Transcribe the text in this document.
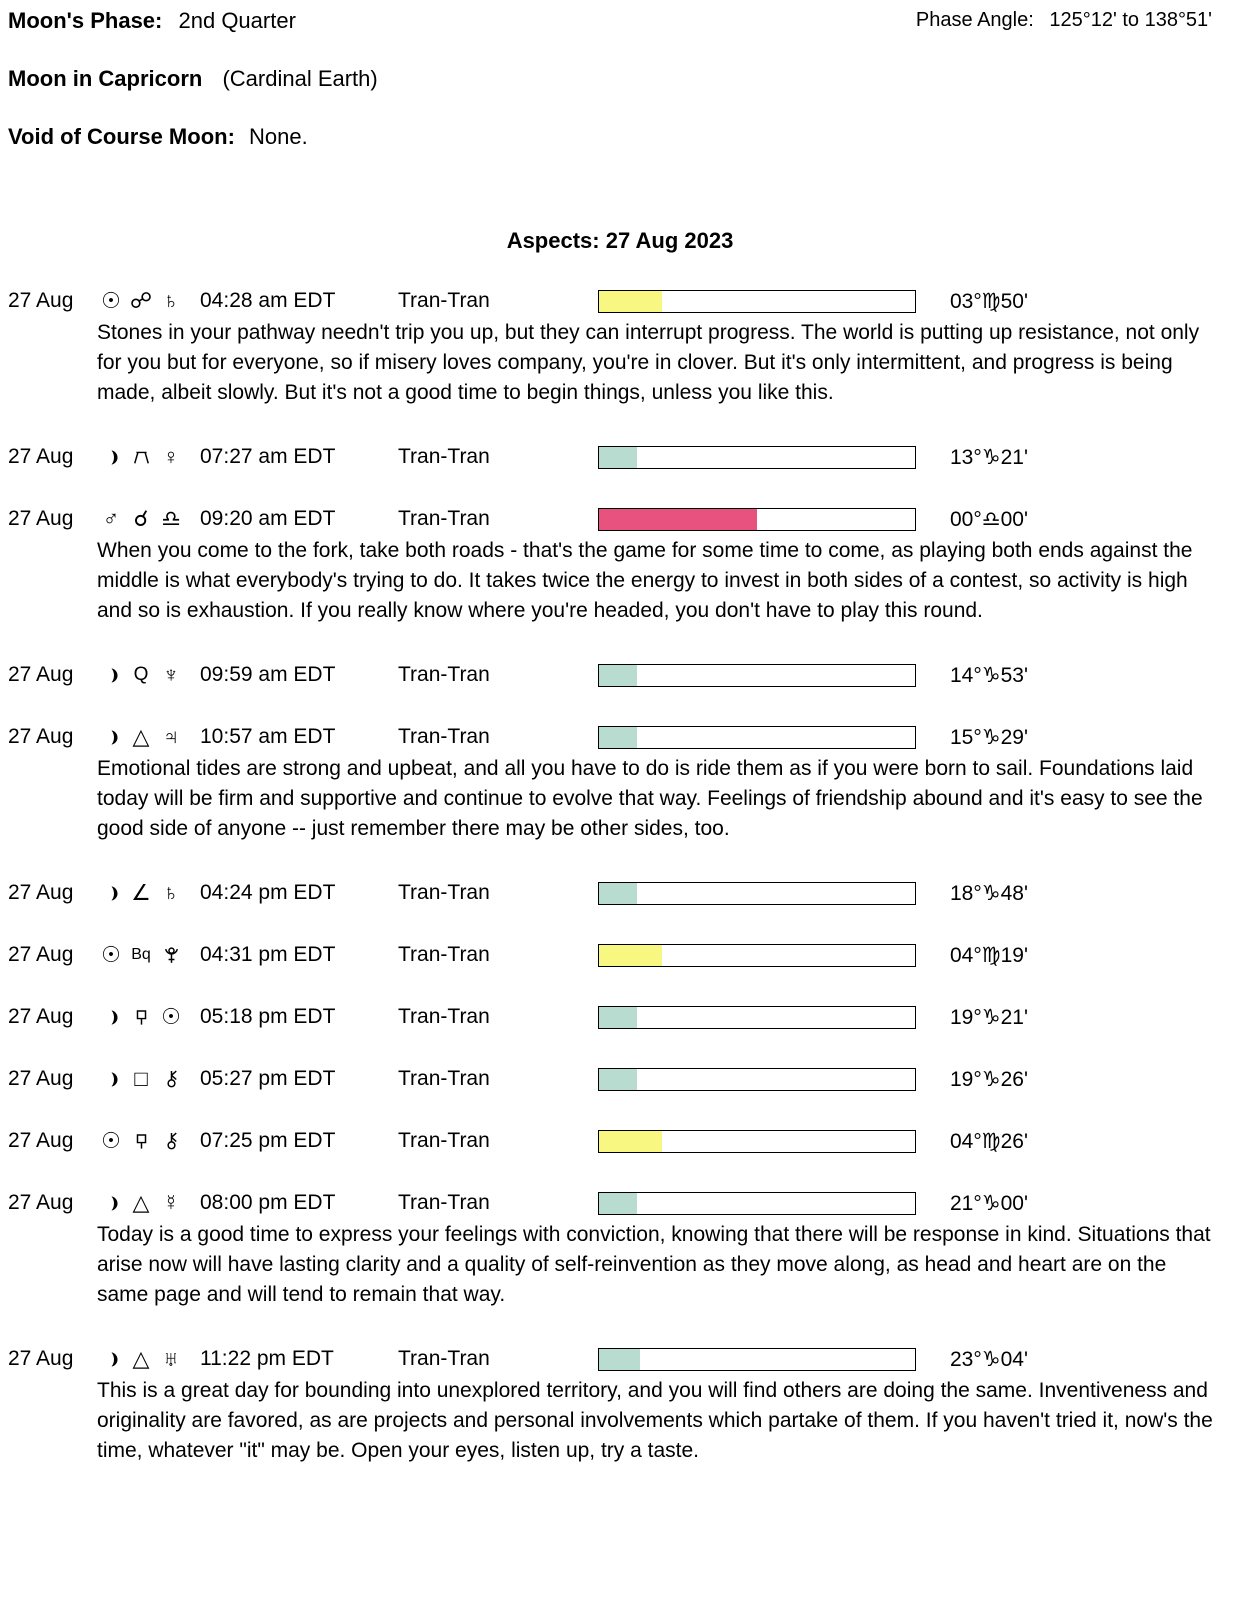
Moon's Phase: 2nd Quarter	Phase Angle: 125°12' to 138°51'
Moon in Capricorn (Cardinal Earth)
Void of Course Moon: None.
Aspects: 27 Aug 2023
27 Aug	☉ ☍ ♄ 04:28 am EDT	Tran-Tran	03°♍50'

Stones in your pathway needn't trip you up, but they can interrupt progress. The world is putting up resistance, not only for you but for everyone, so if misery loves company, you're in clover. But it's only intermittent, and progress is being made, albeit slowly. But it's not a good time to begin things, unless you like this.

27 Aug	♀ 07:27 am EDT	Tran-Tran	13°♑21'
27 Aug	♂ ☌ ♎ 09:20 am EDT	Tran-Tran	00°♎00'

When you come to the fork, take both roads - that's the game for some time to come, as playing both ends against the middle is what everybody's trying to do. It takes twice the energy to invest in both sides of a contest, so activity is high and so is exhaustion. If you really know where you're headed, you don't have to play this round.

27 Aug	Q ♆ 09:59 am EDT	Tran-Tran	14°♑53'
27 Aug	△ ♃ 10:57 am EDT	Tran-Tran	15°♑29'

Emotional tides are strong and upbeat, and all you have to do is ride them as if you were born to sail. Foundations laid today will be firm and supportive and continue to evolve that way. Feelings of friendship abound and it's easy to see the good side of anyone -- just remember there may be other sides, too.

27 Aug	∠ ♄ 04:24 pm EDT	Tran-Tran	18°♑48'
27 Aug	☉ Bq 04:31 pm EDT	Tran-Tran	04°♍19'
27 Aug	☉ 05:18 pm EDT	Tran-Tran	19°♑21'
27 Aug	□	05:27 pm EDT	Tran-Tran	19°♑26'
27 Aug	☉	07:25 pm EDT	Tran-Tran	04°♍26'
27 Aug	△ ☿ 08:00 pm EDT	Tran-Tran	21°♑00'

Today is a good time to express your feelings with conviction, knowing that there will be response in kind. Situations that arise now will have lasting clarity and a quality of self-reinvention as they move along, as head and heart are on the same page and will tend to remain that way.

27 Aug	△ ♅ 11:22 pm EDT	Tran-Tran	23°♑04'

This is a great day for bounding into unexplored territory, and you will find others are doing the same. Inventiveness and originality are favored, as are projects and personal involvements which partake of them. If you haven't tried it, now's the time, whatever "it" may be. Open your eyes, listen up, try a taste.
